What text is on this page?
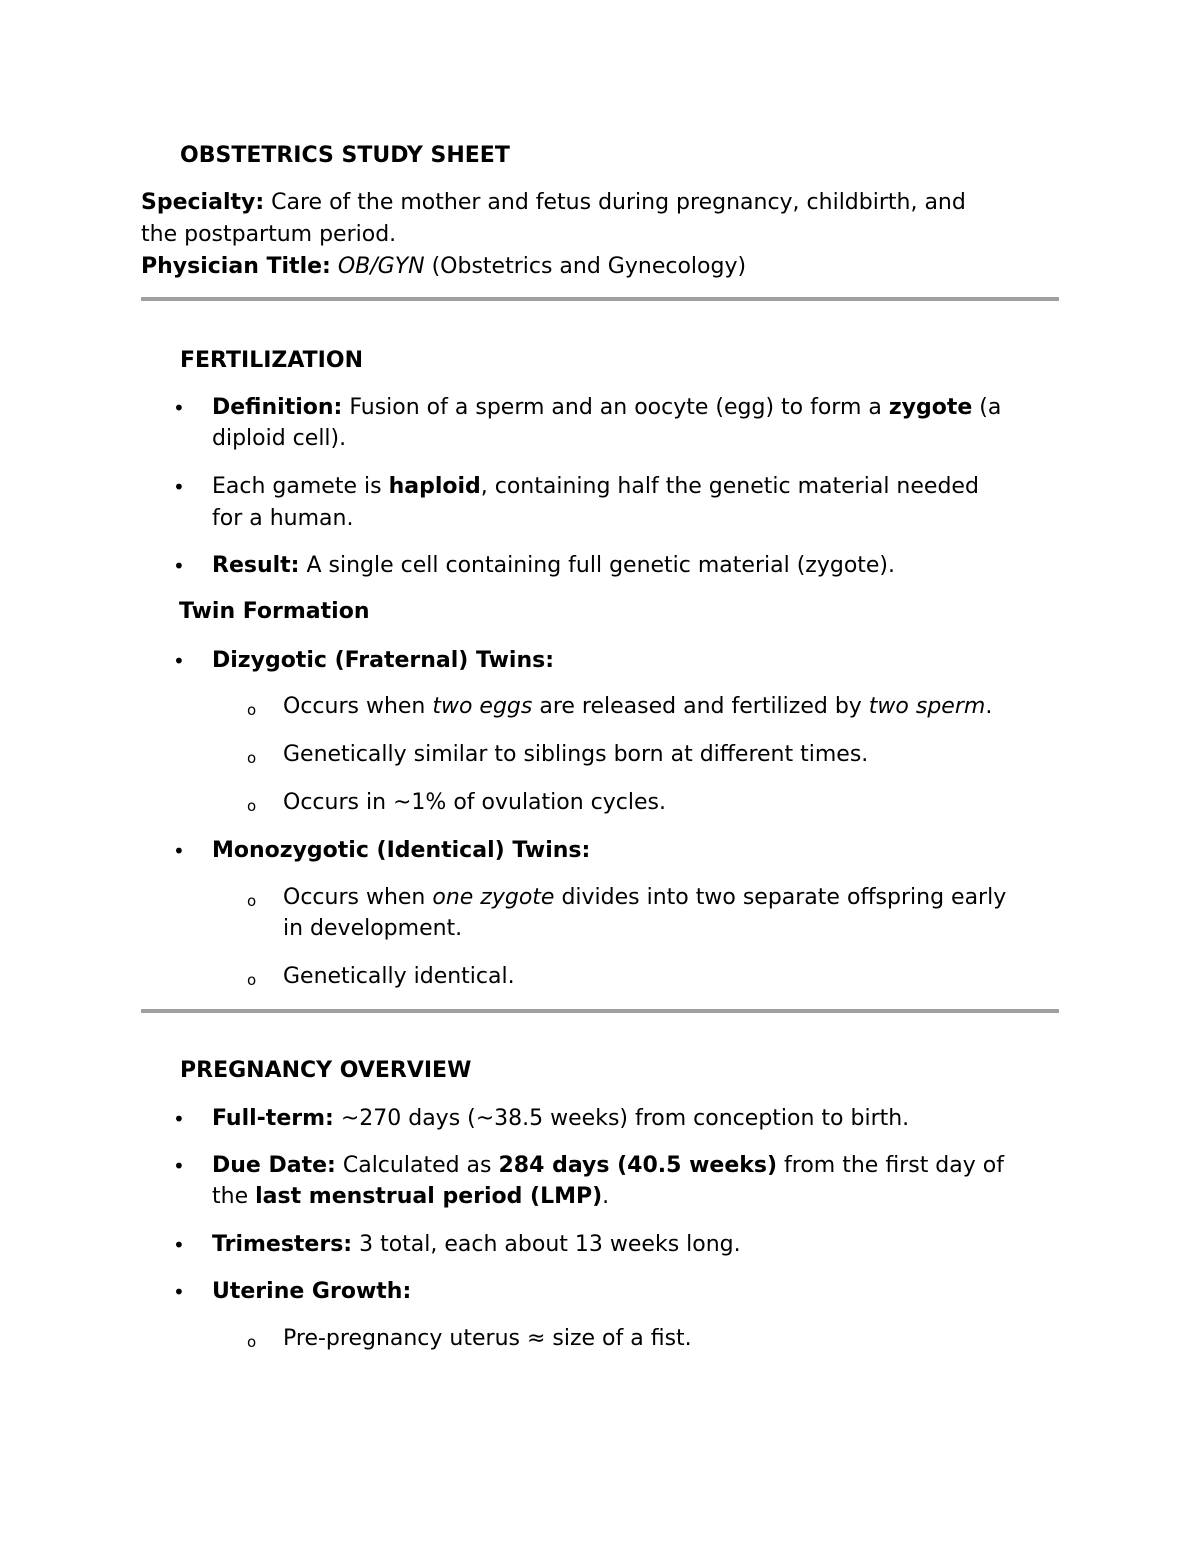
OBSTETRICS STUDY SHEET
Specialty: Care of the mother and fetus during pregnancy, childbirth, and
the postpartum period.
Physician Title: OB/GYN (Obstetrics and Gynecology)
FERTILIZATION
• Definition: Fusion of a sperm and an oocyte (egg) to form a zygote (a
diploid cell).
• Each gamete is haploid, containing half the genetic material needed
for a human.
• Result: A single cell containing full genetic material (zygote).
Twin Formation
• Dizygotic (Fraternal) Twins:
o Occurs when two eggs are released and fertilized by two sperm.
o Genetically similar to siblings born at different times.
o Occurs in ~1% of ovulation cycles.
• Monozygotic (Identical) Twins:
o Occurs when one zygote divides into two separate offspring early
in development.
o Genetically identical.
PREGNANCY OVERVIEW
• Full-term: ~270 days (~38.5 weeks) from conception to birth.
• Due Date: Calculated as 284 days (40.5 weeks) from the first day of
the last menstrual period (LMP).
• Trimesters: 3 total, each about 13 weeks long.
• Uterine Growth:
o Pre-pregnancy uterus ≈ size of a fist.
